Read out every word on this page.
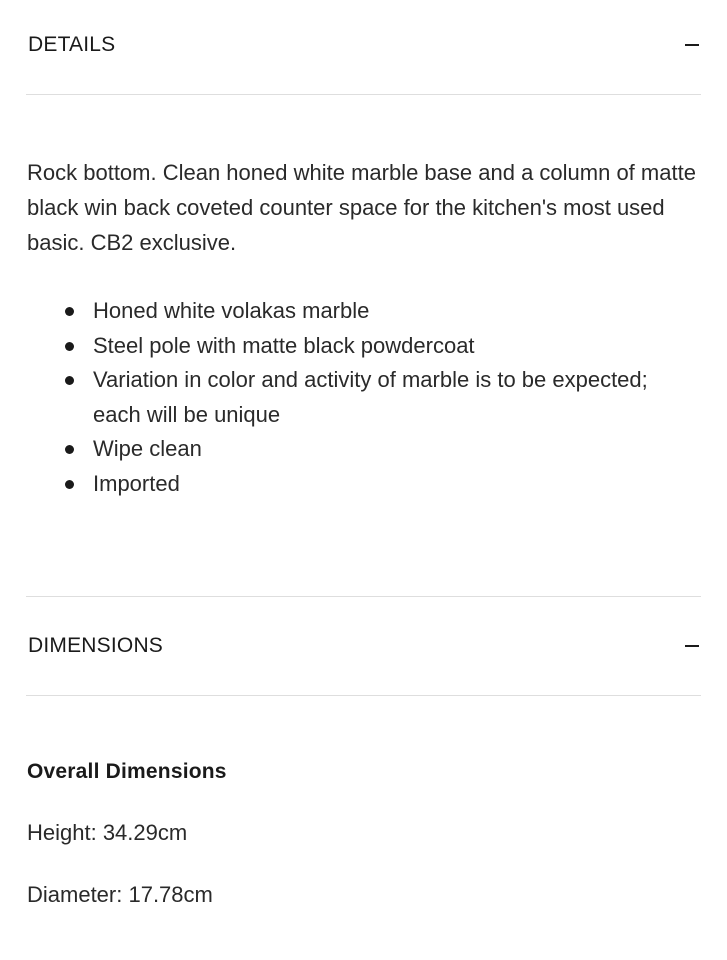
DETAILS

Rock bottom. Clean honed white marble base and a column of matte black win back coveted counter space for the kitchen's most used basic. CB2 exclusive.

Honed white volakas marble
Steel pole with matte black powdercoat
Variation in color and activity of marble is to be expected; each will be unique
Wipe clean
Imported
DIMENSIONS
Overall Dimensions
Height: 34.29cm
Diameter: 17.78cm
